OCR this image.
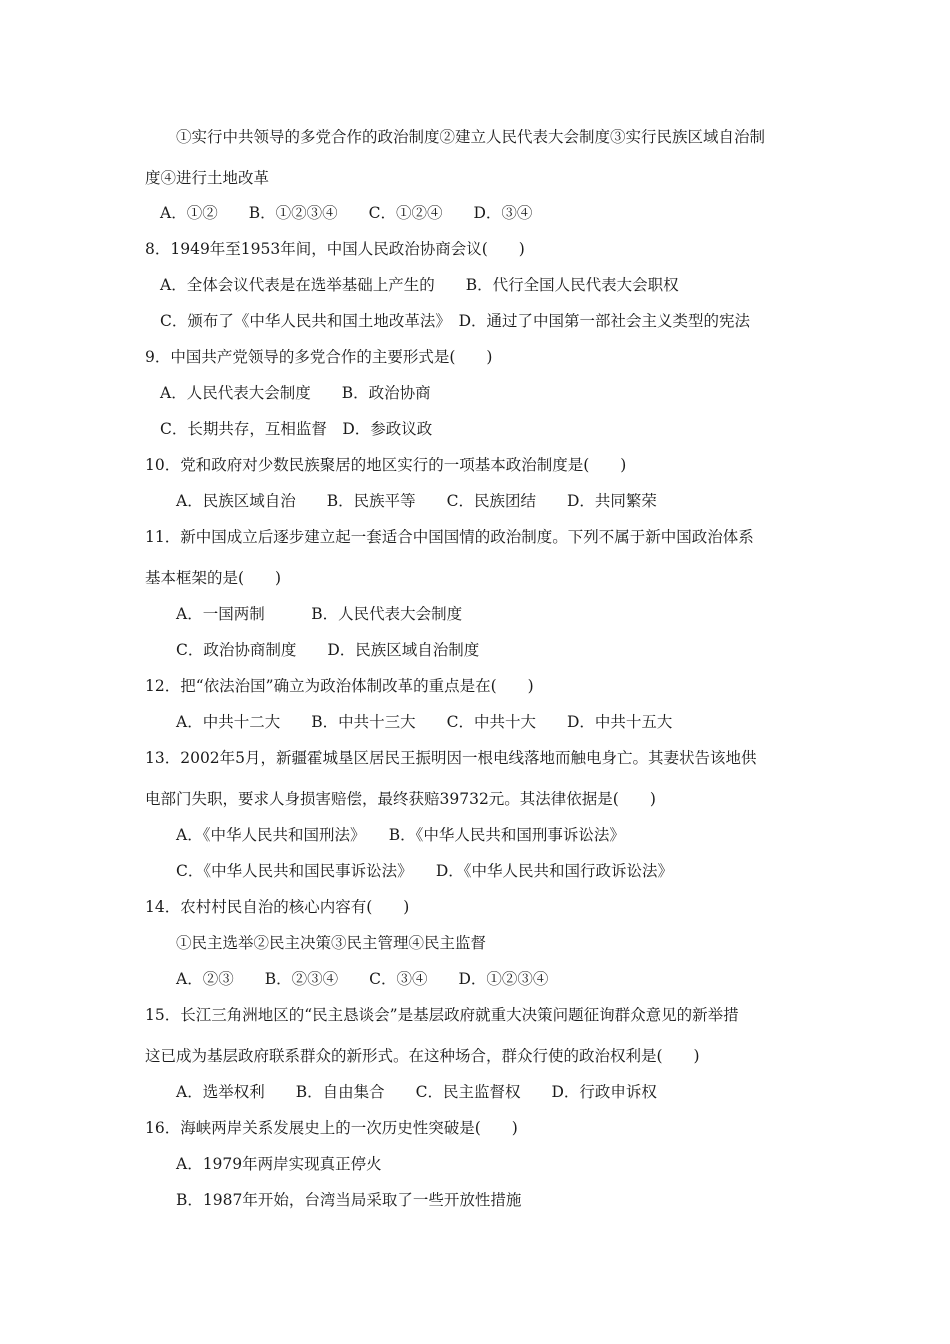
①实行中共领导的多党合作的政治制度②建立人民代表大会制度③实行民族区域自治制
度④进行土地改革
A．①②　　B．①②③④　　C．①②④　　D．③④
8．1949年至1953年间，中国人民政治协商会议(　　)
A．全体会议代表是在选举基础上产生的　　B．代行全国人民代表大会职权
C．颁布了《中华人民共和国土地改革法》　D．通过了中国第一部社会主义类型的宪法
9．中国共产党领导的多党合作的主要形式是(　　)
A．人民代表大会制度　　B．政治协商
C．长期共存，互相监督　D．参政议政
10．党和政府对少数民族聚居的地区实行的一项基本政治制度是(　　)
A．民族区域自治　　B．民族平等　　C．民族团结　　D．共同繁荣
11．新中国成立后逐步建立起一套适合中国国情的政治制度。下列不属于新中国政治体系
基本框架的是(　　)
A．一国两制　　　B．人民代表大会制度
C．政治协商制度　　D．民族区域自治制度
12．把“依法治国”确立为政治体制改革的重点是在(　　)
A．中共十二大　　B．中共十三大　　C．中共十大　　D．中共十五大
13．2002年5月，新疆霍城垦区居民王振明因一根电线落地而触电身亡。其妻状告该地供
电部门失职，要求人身损害赔偿，最终获赔39732元。其法律依据是(　　)
A．《中华人民共和国刑法》　　B．《中华人民共和国刑事诉讼法》
C．《中华人民共和国民事诉讼法》　　D．《中华人民共和国行政诉讼法》
14．农村村民自治的核心内容有(　　)
①民主选举②民主决策③民主管理④民主监督
A．②③　　B．②③④　　C．③④　　D．①②③④
15．长江三角洲地区的“民主恳谈会”是基层政府就重大决策问题征询群众意见的新举措
这已成为基层政府联系群众的新形式。在这种场合，群众行使的政治权利是(　　)
A．选举权利　　B．自由集合　　C．民主监督权　　D．行政申诉权
16．海峡两岸关系发展史上的一次历史性突破是(　　)
A．1979年两岸实现真正停火
B．1987年开始，台湾当局采取了一些开放性措施
